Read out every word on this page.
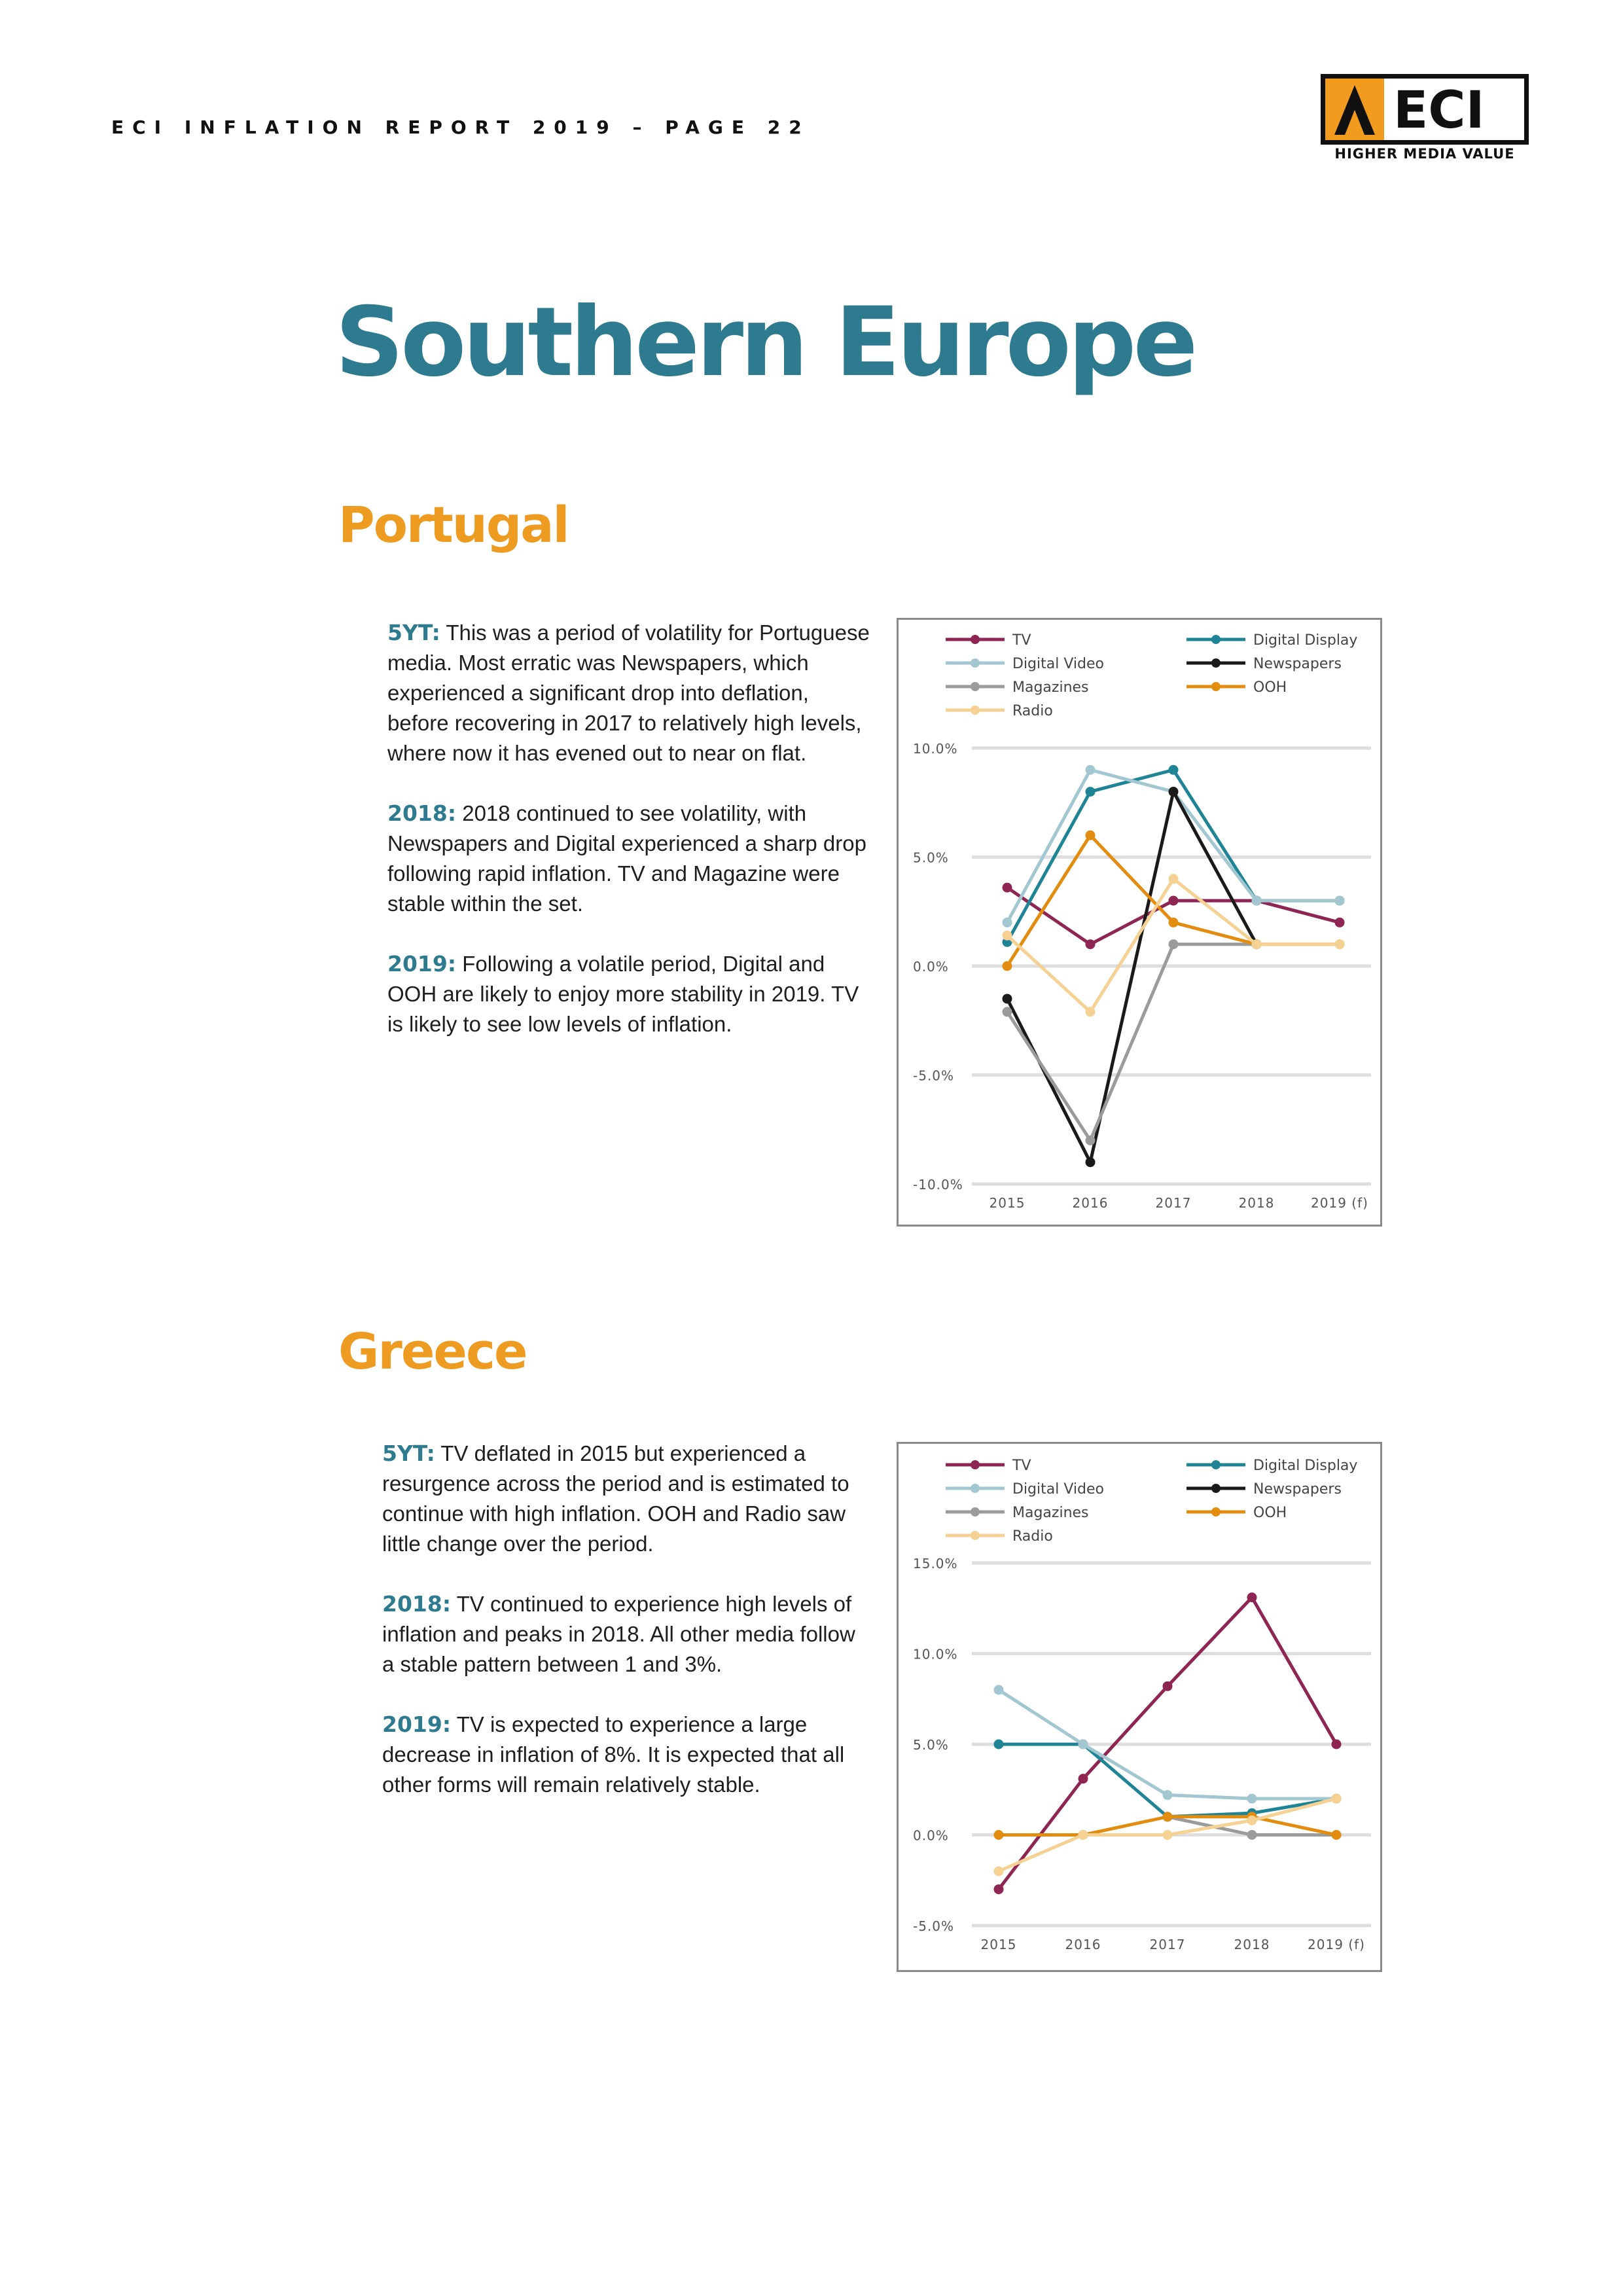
ECI INFLATION REPORT 2019 – PAGE 22	ECI
HIGHER MEDIA VALUE
Southern Europe
Portugal

5YT: This was a period of volatility for Portuguese media. Most erratic was Newspapers, which experienced a significant drop into deflation, before recovering in 2017 to relatively high levels, where now it has evened out to near on flat.

2018: 2018 continued to see volatility, with Newspapers and Digital experienced a sharp drop following rapid inflation. TV and Magazine were stable within the set.

2019: Following a volatile period, Digital and OOH are likely to enjoy more stability in 2019. TV is likely to see low levels of inflation.

10.0%
5.0%
0.0%
-5.0%
-10.0%
2015	2016	2017	2018	2019 (f)
TV	Digital Display
Digital Video	Newspapers
Magazines	OOH
Radio
Greece

5YT: TV deflated in 2015 but experienced a resurgence across the period and is estimated to continue with high inflation. OOH and Radio saw little change over the period.

2018: TV continued to experience high levels of inflation and peaks in 2018. All other media follow a stable pattern between 1 and 3%.

2019: TV is expected to experience a large decrease in inflation of 8%. It is expected that all other forms will remain relatively stable.

15.0%
10.0%
5.0%
0.0%
-5.0%
2015	2016	2017	2018	2019 (f)
TV	Digital Display
Digital Video	Newspapers
Magazines	OOH
Radio
